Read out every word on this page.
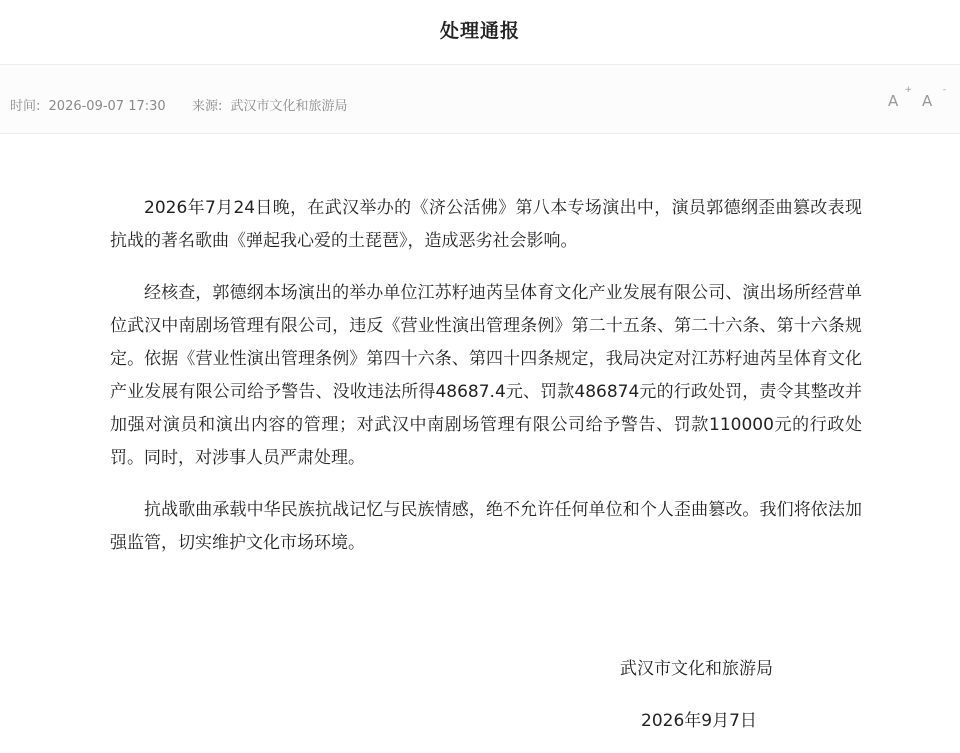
处理通报
时间: 2026-09-07 17:30 来源: 武汉市文化和旅游局	A
+
A
-

2026年7月24日晚，在武汉举办的《济公活佛》第八本专场演出中，演员郭德纲歪曲篡改表现抗战的著名歌曲《弹起我心爱的土琵琶》，造成恶劣社会影响。

经核查，郭德纲本场演出的举办单位江苏籽迪芮呈体育文化产业发展有限公司、演出场所经营单位武汉中南剧场管理有限公司，违反《营业性演出管理条例》第二十五条、第二十六条、第十六条规定。依据《营业性演出管理条例》第四十六条、第四十四条规定，我局决定对江苏籽迪芮呈体育文化产业发展有限公司给予警告、没收违法所得48687.4元、罚款486874元的行政处罚，责令其整改并加强对演员和演出内容的管理；对武汉中南剧场管理有限公司给予警告、罚款110000元的行政处罚。同时，对涉事人员严肃处理。

抗战歌曲承载中华民族抗战记忆与民族情感，绝不允许任何单位和个人歪曲篡改。我们将依法加强监管，切实维护文化市场环境。

武汉市文化和旅游局
2026年9月7日
